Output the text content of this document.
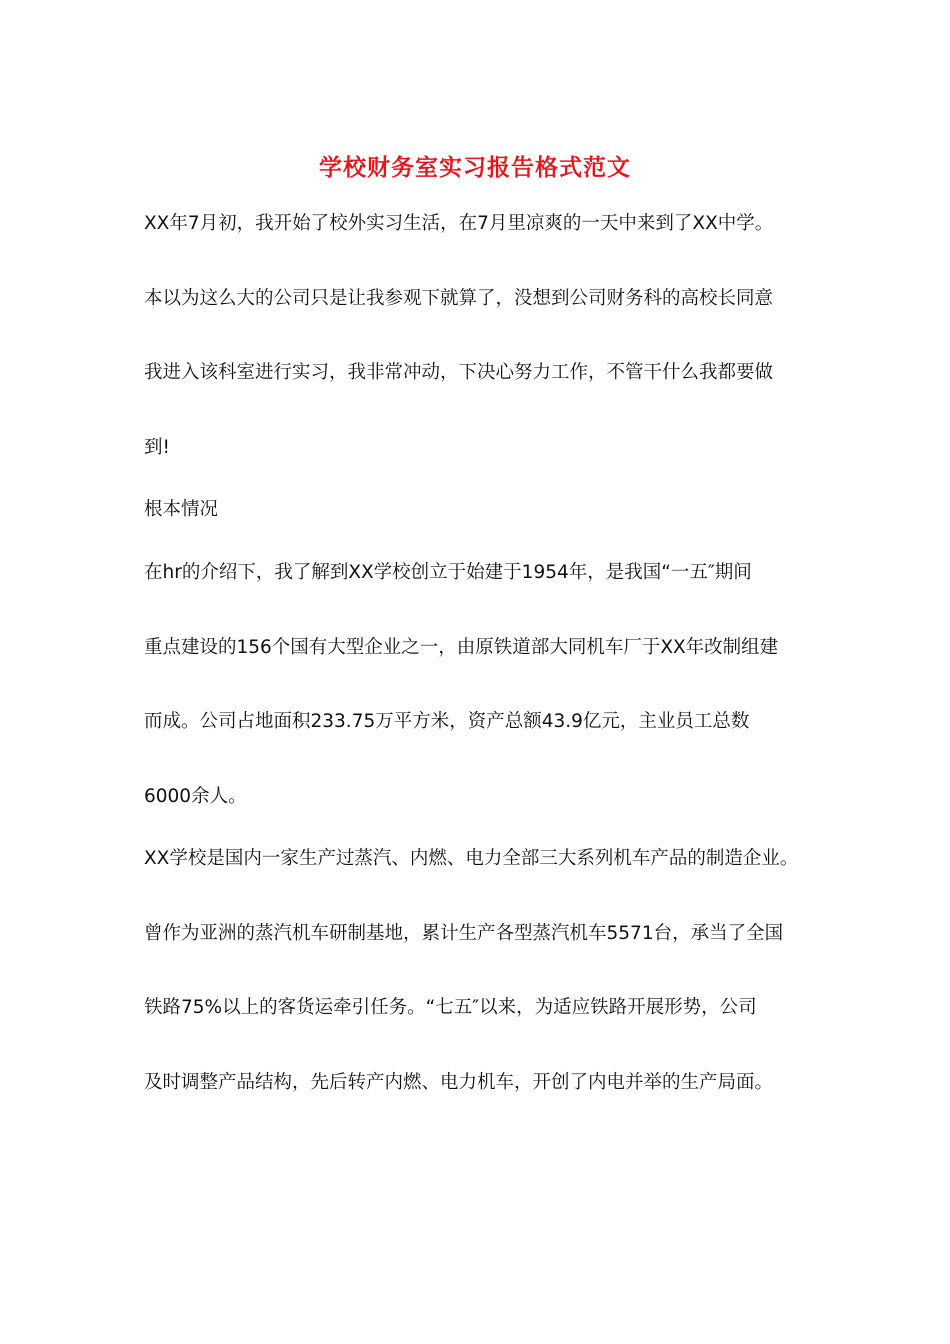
学校财务室实习报告格式范文
XX年7月初，我开始了校外实习生活，在7月里凉爽的一天中来到了XX中学。
本以为这么大的公司只是让我参观下就算了，没想到公司财务科的高校长同意
我进入该科室进行实习，我非常冲动，下决心努力工作，不管干什么我都要做
到!
根本情况
在hr的介绍下，我了解到XX学校创立于始建于1954年，是我国“一五″期间
重点建设的156个国有大型企业之一，由原铁道部大同机车厂于XX年改制组建
而成。公司占地面积233.75万平方米，资产总额43.9亿元，主业员工总数
6000余人。
XX学校是国内一家生产过蒸汽、内燃、电力全部三大系列机车产品的制造企业。
曾作为亚洲的蒸汽机车研制基地，累计生产各型蒸汽机车5571台，承当了全国
铁路75%以上的客货运牵引任务。“七五″以来，为适应铁路开展形势，公司
及时调整产品结构，先后转产内燃、电力机车，开创了内电并举的生产局面。
